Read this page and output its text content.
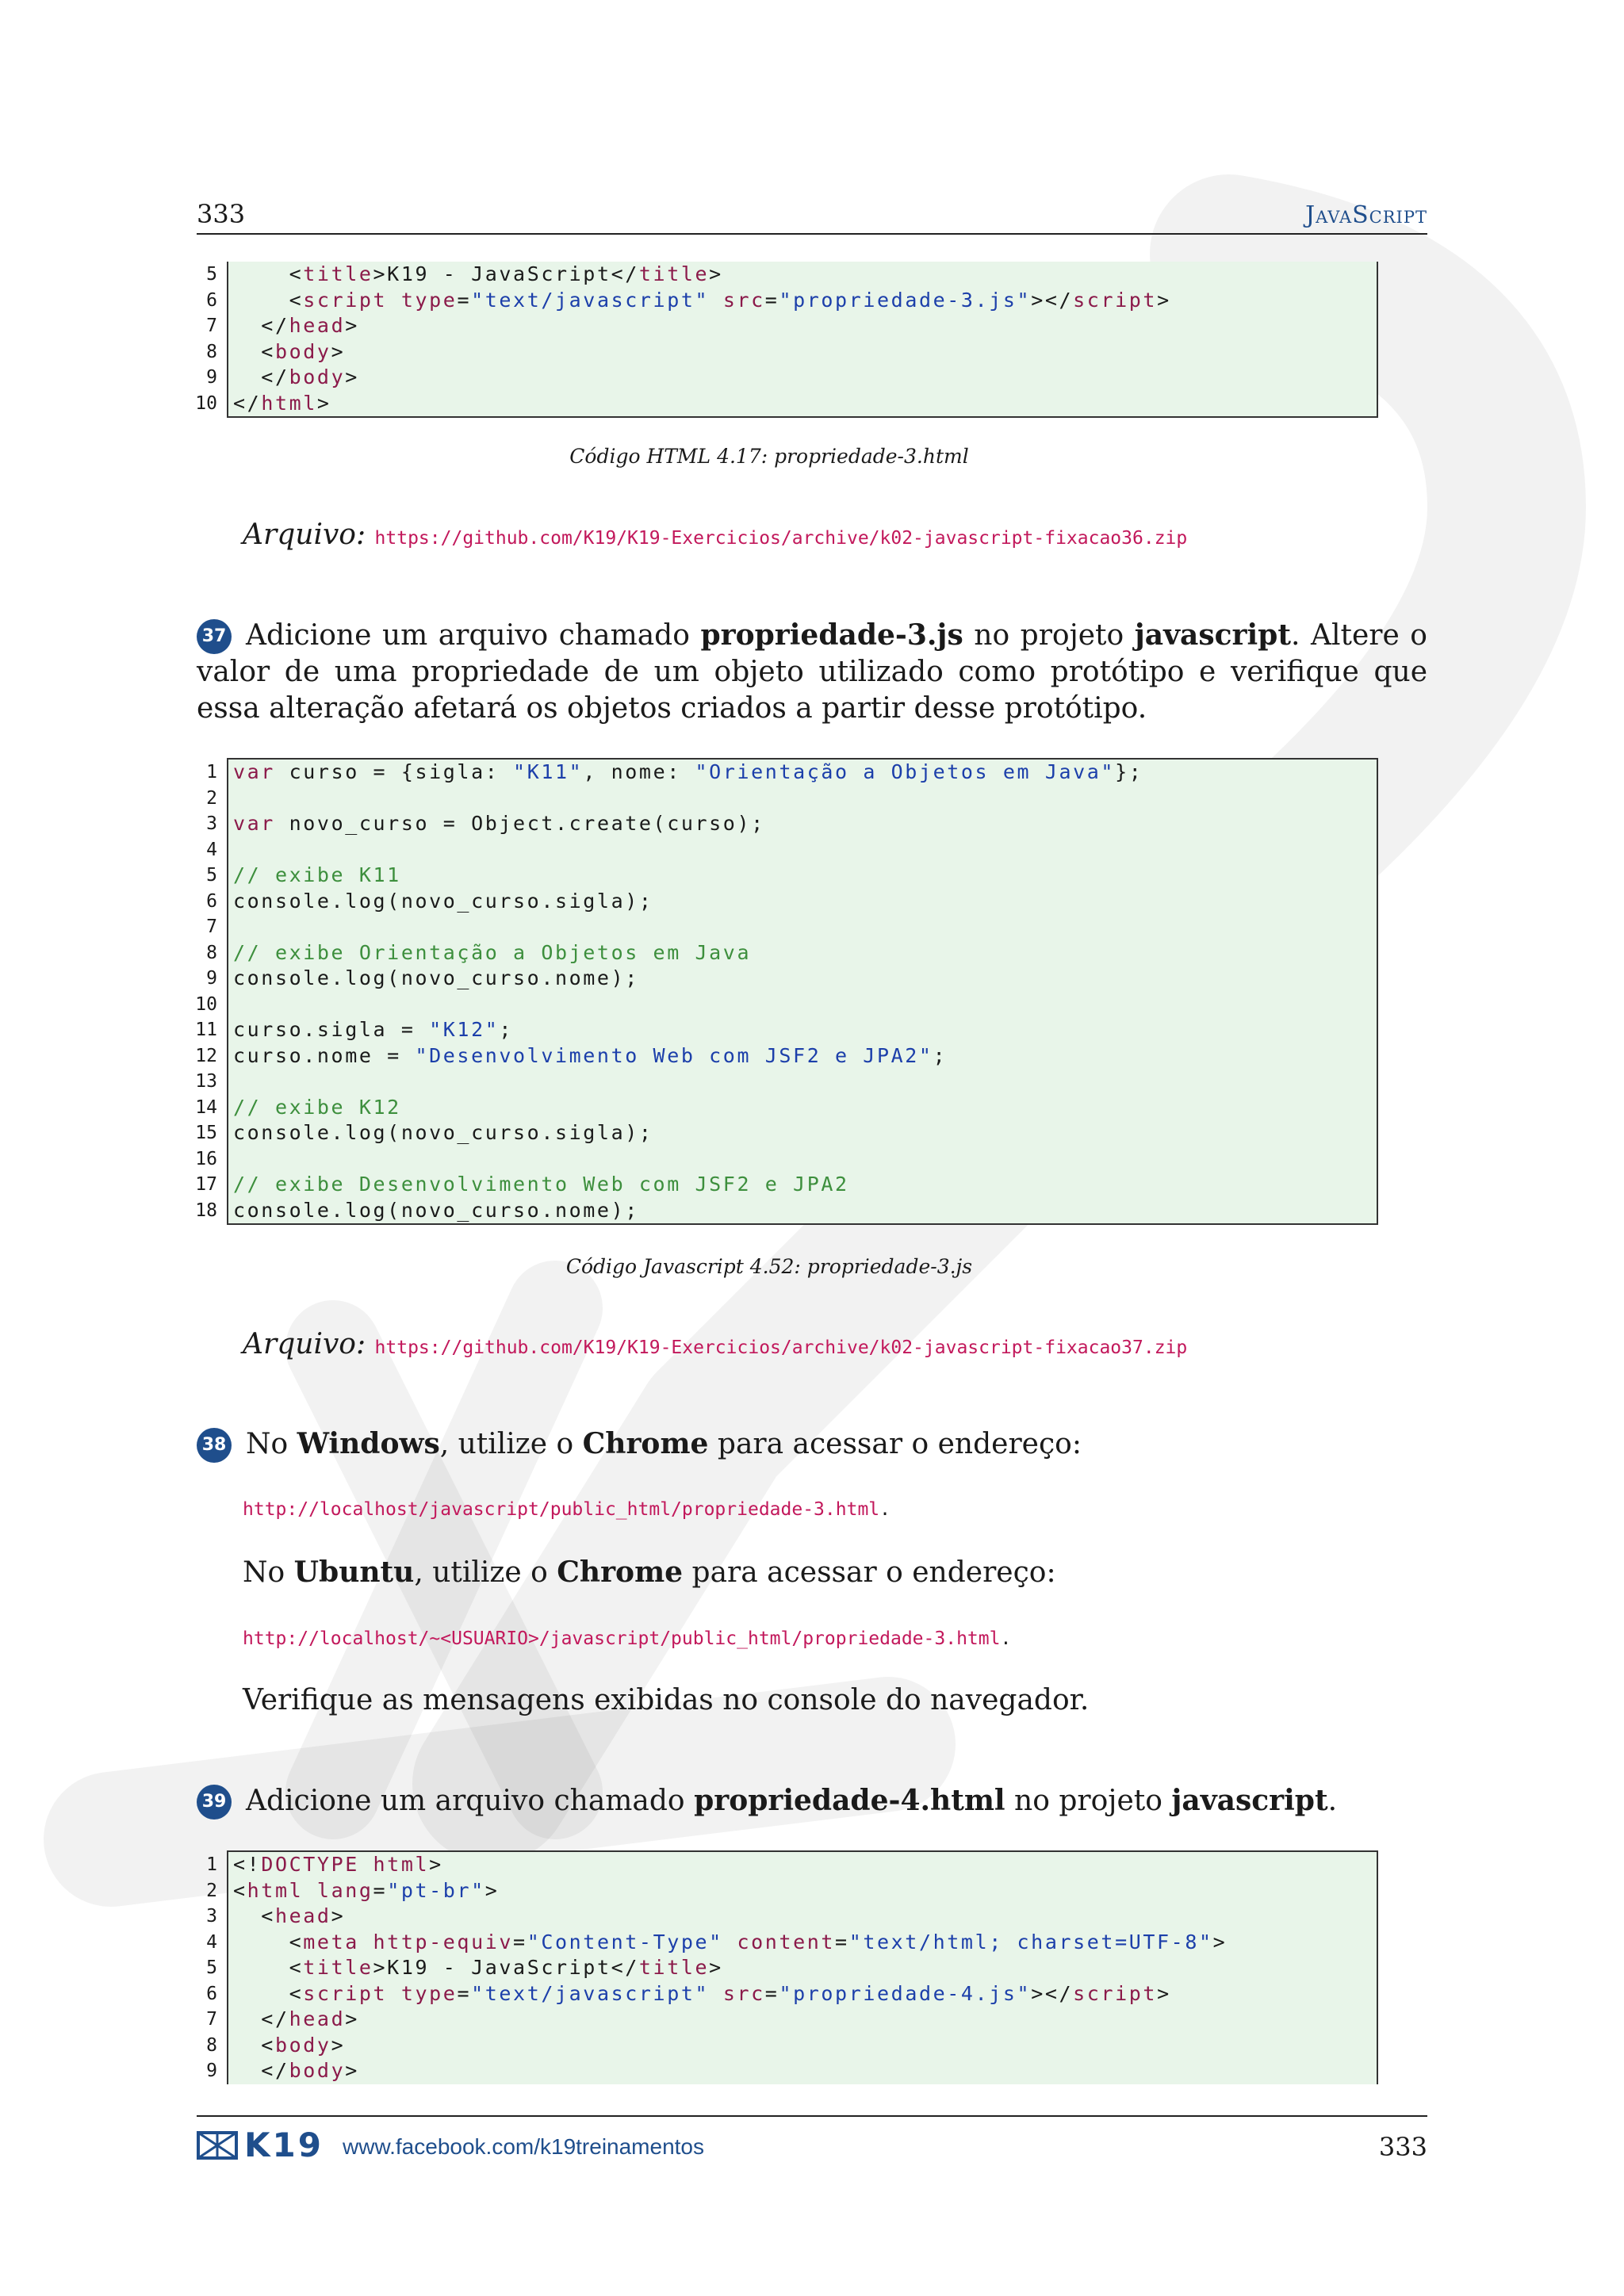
333	JavaScript
5 <title>K19 - JavaScript</title>
6 <script type="text/javascript" src="propriedade-3.js"></script>
7 </head>
8 <body>
9 </body>
10 </html>
Código HTML 4.17: propriedade-3.html
Arquivo: https://github.com/K19/K19-Exercicios/archive/k02-javascript-fixacao36.zip
37 Adicione um arquivo chamado propriedade-3.js no projeto javascript. Altere o valor de uma propriedade de um objeto utilizado como protótipo e verifique que essa alteração afetará os objetos criados a partir desse protótipo.
1 var curso = {sigla: "K11", nome: "Orientação a Objetos em Java"};
2
3 var novo_curso = Object.create(curso);
4
5 // exibe K11
6 console.log(novo_curso.sigla);
7
8 // exibe Orientação a Objetos em Java
9 console.log(novo_curso.nome);
10
11 curso.sigla = "K12";
12 curso.nome = "Desenvolvimento Web com JSF2 e JPA2";
13
14 // exibe K12
15 console.log(novo_curso.sigla);
16
17 // exibe Desenvolvimento Web com JSF2 e JPA2
18 console.log(novo_curso.nome);
Código Javascript 4.52: propriedade-3.js
Arquivo: https://github.com/K19/K19-Exercicios/archive/k02-javascript-fixacao37.zip
38 No Windows, utilize o Chrome para acessar o endereço:
http://localhost/javascript/public_html/propriedade-3.html.
No Ubuntu, utilize o Chrome para acessar o endereço:
http://localhost/~<USUARIO>/javascript/public_html/propriedade-3.html.
Verifique as mensagens exibidas no console do navegador.
39 Adicione um arquivo chamado propriedade-4.html no projeto javascript.
1 <!DOCTYPE html>
2 <html lang="pt-br">
3 <head>
4 <meta http-equiv="Content-Type" content="text/html; charset=UTF-8">
5 <title>K19 - JavaScript</title>
6 <script type="text/javascript" src="propriedade-4.js"></script>
7 </head>
8 <body>
9 </body>
K19 www.facebook.com/k19treinamentos	333
